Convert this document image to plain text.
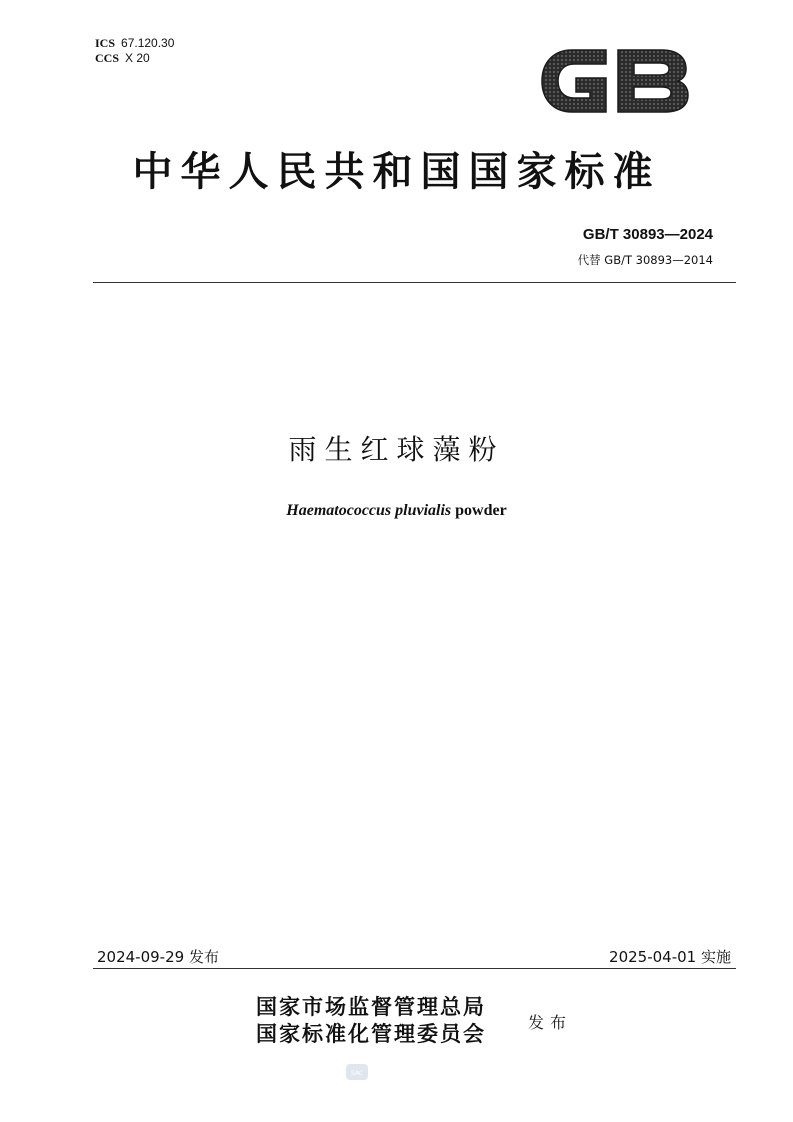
ICS 67.120.30
CCS X 20
中华人民共和国国家标准
GB/T 30893—2024
代替 GB/T 30893—2014
雨生红球藻粉
Haematococcus pluvialis powder
2024-09-29 发布	2025-04-01 实施
国家市场监督管理总局
国家标准化管理委员会	发布
SAC
